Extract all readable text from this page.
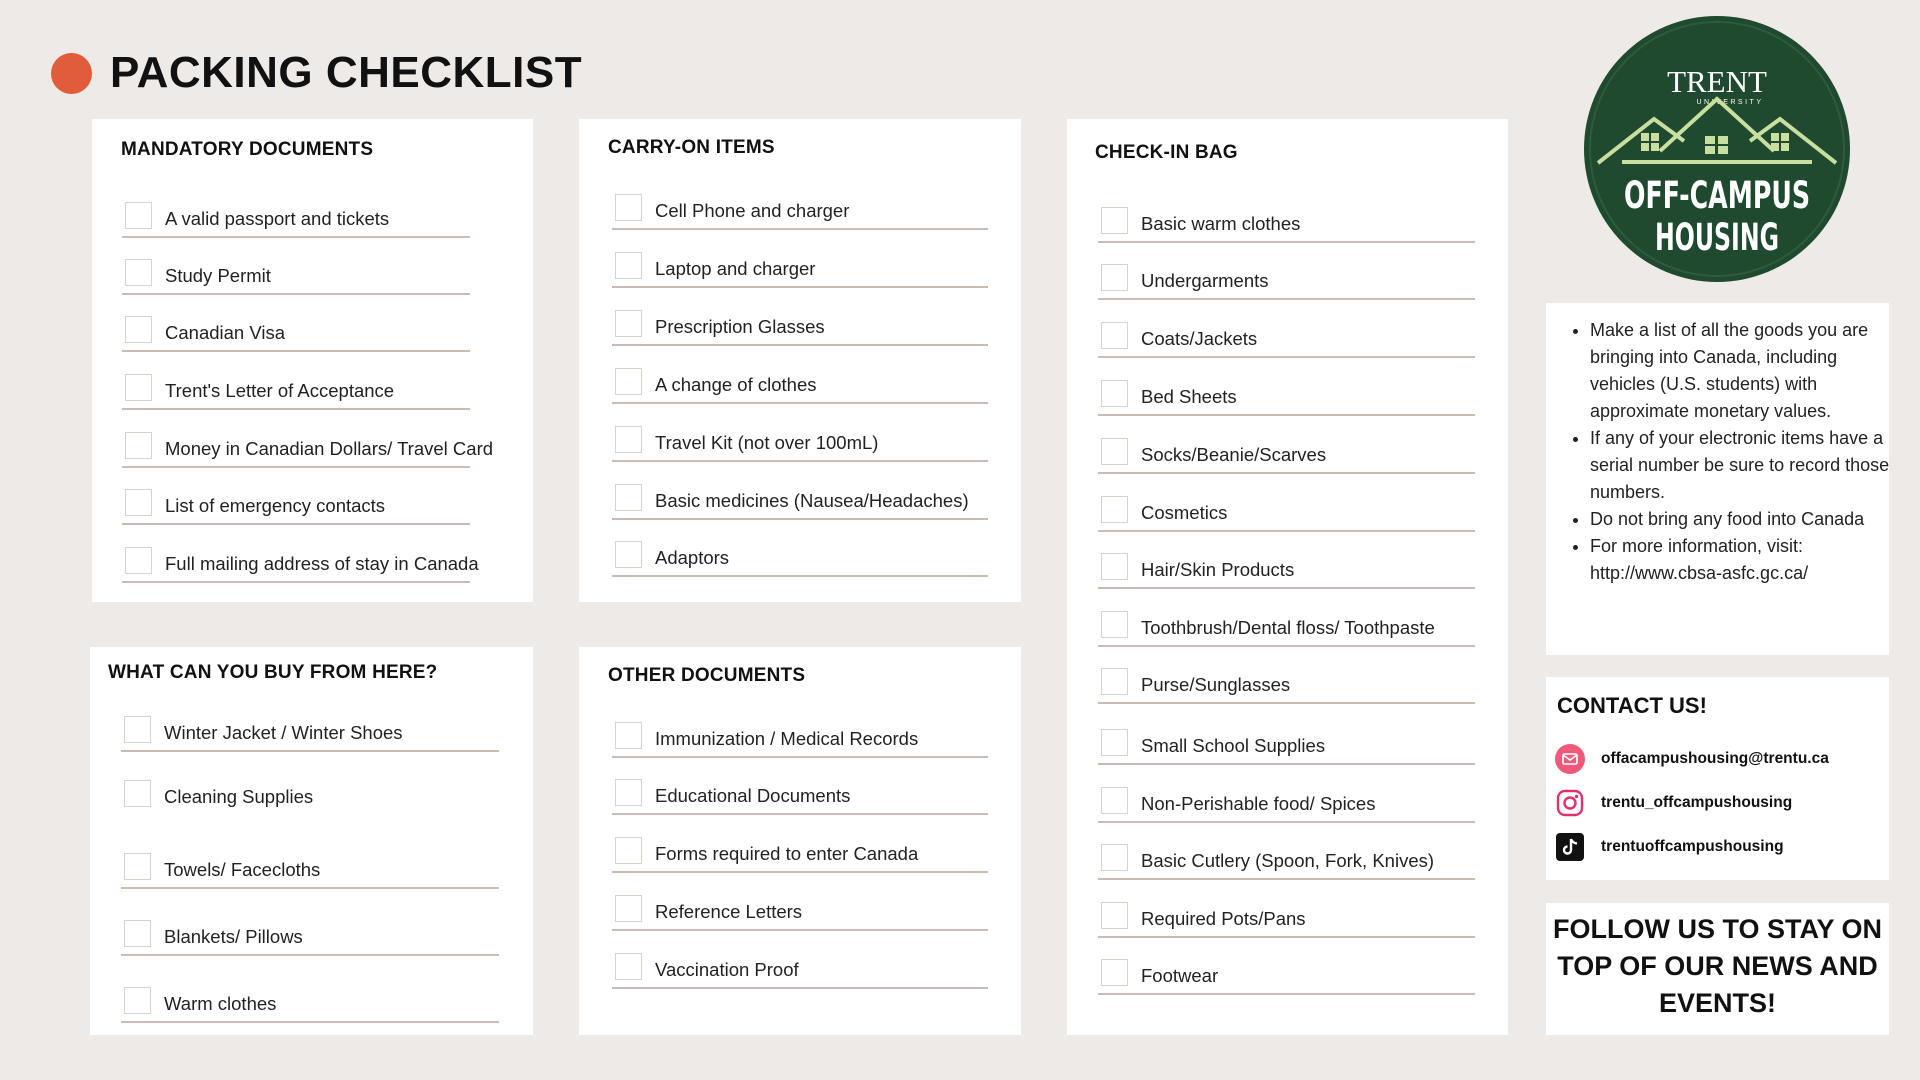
PACKING CHECKLIST
MANDATORY DOCUMENTS
A valid passport and tickets
Study Permit
Canadian Visa
Trent's Letter of Acceptance
Money in Canadian Dollars/ Travel Card
List of emergency contacts
Full mailing address of stay in Canada
CARRY-ON ITEMS
Cell Phone and charger
Laptop and charger
Prescription Glasses
A change of clothes
Travel Kit (not over 100mL)
Basic medicines (Nausea/Headaches)
Adaptors
CHECK-IN BAG
Basic warm clothes
Undergarments
Coats/Jackets
Bed Sheets
Socks/Beanie/Scarves
Cosmetics
Hair/Skin Products
Toothbrush/Dental floss/ Toothpaste
Purse/Sunglasses
Small School Supplies
Non-Perishable food/ Spices
Basic Cutlery (Spoon, Fork, Knives)
Required Pots/Pans
Footwear
WHAT CAN YOU BUY FROM HERE?
Winter Jacket / Winter Shoes
Cleaning Supplies
Towels/ Facecloths
Blankets/ Pillows
Warm clothes
OTHER DOCUMENTS
Immunization / Medical Records
Educational Documents
Forms required to enter Canada
Reference Letters
Vaccination Proof
TRENT
UNIVERSITY
OFF-CAMPUS
HOUSING
• Make a list of all the goods you are bringing into Canada, including vehicles (U.S. students) with approximate monetary values.
• If any of your electronic items have a serial number be sure to record those numbers.
• Do not bring any food into Canada
• For more information, visit: http://www.cbsa-asfc.gc.ca/
CONTACT US!
offacampushousing@trentu.ca
trentu_offcampushousing
trentuoffcampushousing
FOLLOW US TO STAY ON TOP OF OUR NEWS AND EVENTS!
